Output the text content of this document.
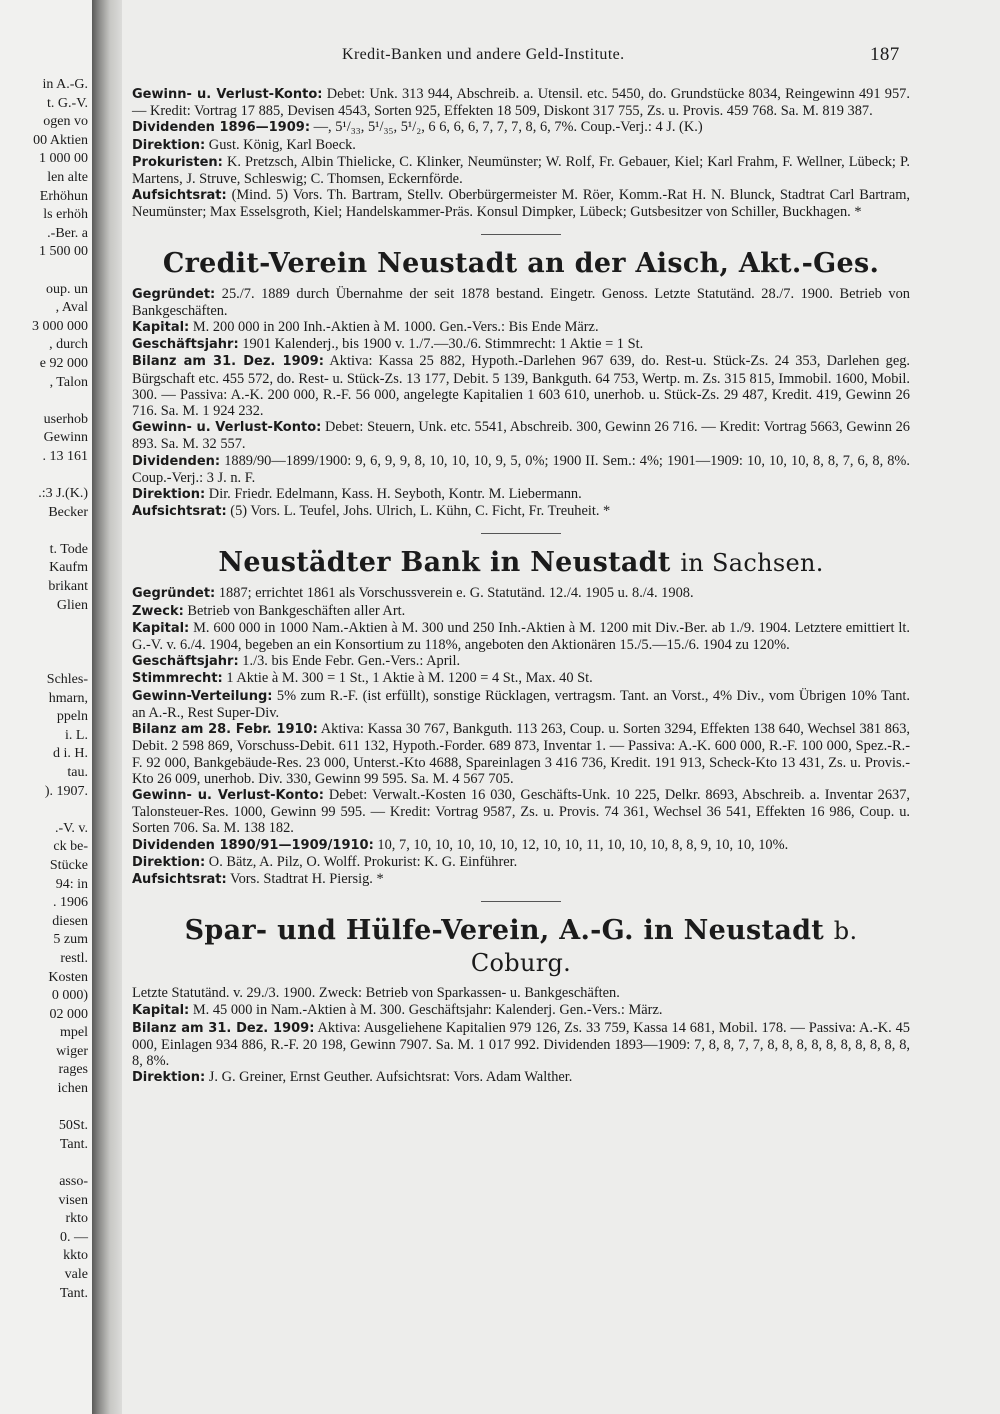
in A.-G.
t. G.-V.
ogen vo
00 Aktien
1 000 00
len alte
Erhöhun
ls erhöh
.-Ber. a
1 500 00
oup. un
, Aval
3 000 000
, durch
e 92 000
, Talon
userhob
Gewinn
. 13 161
.:3 J.(K.)
Becker
t. Tode
Kaufm
brikant
Glien
Schles-
hmarn,
ppeln
i. L.
d i. H.
tau.
). 1907.
.-V. v.
ck be-
Stücke
94: in
. 1906
diesen
5 zum
restl.
Kosten
0 000)
02 000
mpel
wiger
rages
ichen
50St.
Tant.
asso-
visen
rkto
0. —
kkto
vale
Tant.
Kredit-Banken und andere Geld-Institute.	187

Gewinn- u. Verlust-Konto: Debet: Unk. 313 944, Abschreib. a. Utensil. etc. 5450, do. Grundstücke 8034, Reingewinn 491 957. — Kredit: Vortrag 17 885, Devisen 4543, Sorten 925, Effekten 18 509, Diskont 317 755, Zs. u. Provis. 459 768. Sa. M. 819 387.

Dividenden 1896—1909: —, 5¹/₃₃, 5¹/₃₅, 5¹/₂, 6 6, 6, 6, 7, 7, 7, 8, 6, 7%. Coup.-Verj.: 4 J. (K.)

Direktion: Gust. König, Karl Boeck.

Prokuristen: K. Pretzsch, Albin Thielicke, C. Klinker, Neumünster; W. Rolf, Fr. Gebauer, Kiel; Karl Frahm, F. Wellner, Lübeck; P. Martens, J. Struve, Schleswig; C. Thomsen, Eckernförde.

Aufsichtsrat: (Mind. 5) Vors. Th. Bartram, Stellv. Oberbürgermeister M. Röer, Komm.-Rat H. N. Blunck, Stadtrat Carl Bartram, Neumünster; Max Esselsgroth, Kiel; Handelskammer-Präs. Konsul Dimpker, Lübeck; Gutsbesitzer von Schiller, Buckhagen. *

Credit-Verein Neustadt an der Aisch, Akt.-Ges.

Gegründet: 25./7. 1889 durch Übernahme der seit 1878 bestand. Eingetr. Genoss. Letzte Statutänd. 28./7. 1900. Betrieb von Bankgeschäften.

Kapital: M. 200 000 in 200 Inh.-Aktien à M. 1000. Gen.-Vers.: Bis Ende März.

Geschäftsjahr: 1901 Kalenderj., bis 1900 v. 1./7.—30./6. Stimmrecht: 1 Aktie = 1 St.

Bilanz am 31. Dez. 1909: Aktiva: Kassa 25 882, Hypoth.-Darlehen 967 639, do. Rest-u. Stück-Zs. 24 353, Darlehen geg. Bürgschaft etc. 455 572, do. Rest- u. Stück-Zs. 13 177, Debit. 5 139, Bankguth. 64 753, Wertp. m. Zs. 315 815, Immobil. 1600, Mobil. 300. — Passiva: A.-K. 200 000, R.-F. 56 000, angelegte Kapitalien 1 603 610, unerhob. u. Stück-Zs. 29 487, Kredit. 419, Gewinn 26 716. Sa. M. 1 924 232.

Gewinn- u. Verlust-Konto: Debet: Steuern, Unk. etc. 5541, Abschreib. 300, Gewinn 26 716. — Kredit: Vortrag 5663, Gewinn 26 893. Sa. M. 32 557.

Dividenden: 1889/90—1899/1900: 9, 6, 9, 9, 8, 10, 10, 10, 9, 5, 0%; 1900 II. Sem.: 4%; 1901—1909: 10, 10, 10, 8, 8, 7, 6, 8, 8%. Coup.-Verj.: 3 J. n. F.

Direktion: Dir. Friedr. Edelmann, Kass. H. Seyboth, Kontr. M. Liebermann.

Aufsichtsrat: (5) Vors. L. Teufel, Johs. Ulrich, L. Kühn, C. Ficht, Fr. Treuheit. *

Neustädter Bank in Neustadt in Sachsen.

Gegründet: 1887; errichtet 1861 als Vorschussverein e. G. Statutänd. 12./4. 1905 u. 8./4. 1908.

Zweck: Betrieb von Bankgeschäften aller Art.

Kapital: M. 600 000 in 1000 Nam.-Aktien à M. 300 und 250 Inh.-Aktien à M. 1200 mit Div.-Ber. ab 1./9. 1904. Letztere emittiert lt. G.-V. v. 6./4. 1904, begeben an ein Konsortium zu 118%, angeboten den Aktionären 15./5.—15./6. 1904 zu 120%.

Geschäftsjahr: 1./3. bis Ende Febr. Gen.-Vers.: April.

Stimmrecht: 1 Aktie à M. 300 = 1 St., 1 Aktie à M. 1200 = 4 St., Max. 40 St.

Gewinn-Verteilung: 5% zum R.-F. (ist erfüllt), sonstige Rücklagen, vertragsm. Tant. an Vorst., 4% Div., vom Übrigen 10% Tant. an A.-R., Rest Super-Div.

Bilanz am 28. Febr. 1910: Aktiva: Kassa 30 767, Bankguth. 113 263, Coup. u. Sorten 3294, Effekten 138 640, Wechsel 381 863, Debit. 2 598 869, Vorschuss-Debit. 611 132, Hypoth.-Forder. 689 873, Inventar 1. — Passiva: A.-K. 600 000, R.-F. 100 000, Spez.-R.-F. 92 000, Bankgebäude-Res. 23 000, Unterst.-Kto 4688, Spareinlagen 3 416 736, Kredit. 191 913, Scheck-Kto 13 431, Zs. u. Provis.-Kto 26 009, unerhob. Div. 330, Gewinn 99 595. Sa. M. 4 567 705.

Gewinn- u. Verlust-Konto: Debet: Verwalt.-Kosten 16 030, Geschäfts-Unk. 10 225, Delkr. 8693, Abschreib. a. Inventar 2637, Talonsteuer-Res. 1000, Gewinn 99 595. — Kredit: Vortrag 9587, Zs. u. Provis. 74 361, Wechsel 36 541, Effekten 16 986, Coup. u. Sorten 706. Sa. M. 138 182.

Dividenden 1890/91—1909/1910: 10, 7, 10, 10, 10, 10, 10, 12, 10, 10, 11, 10, 10, 10, 8, 8, 9, 10, 10, 10%.

Direktion: O. Bätz, A. Pilz, O. Wolff. Prokurist: K. G. Einführer.

Aufsichtsrat: Vors. Stadtrat H. Piersig. *

Spar- und Hülfe-Verein, A.-G. in Neustadt b. Coburg.

Letzte Statutänd. v. 29./3. 1900. Zweck: Betrieb von Sparkassen- u. Bankgeschäften.

Kapital: M. 45 000 in Nam.-Aktien à M. 300. Geschäftsjahr: Kalenderj. Gen.-Vers.: März.

Bilanz am 31. Dez. 1909: Aktiva: Ausgeliehene Kapitalien 979 126, Zs. 33 759, Kassa 14 681, Mobil. 178. — Passiva: A.-K. 45 000, Einlagen 934 886, R.-F. 20 198, Gewinn 7907. Sa. M. 1 017 992. Dividenden 1893—1909: 7, 8, 8, 7, 7, 8, 8, 8, 8, 8, 8, 8, 8, 8, 8, 8, 8%.

Direktion: J. G. Greiner, Ernst Geuther. Aufsichtsrat: Vors. Adam Walther.
